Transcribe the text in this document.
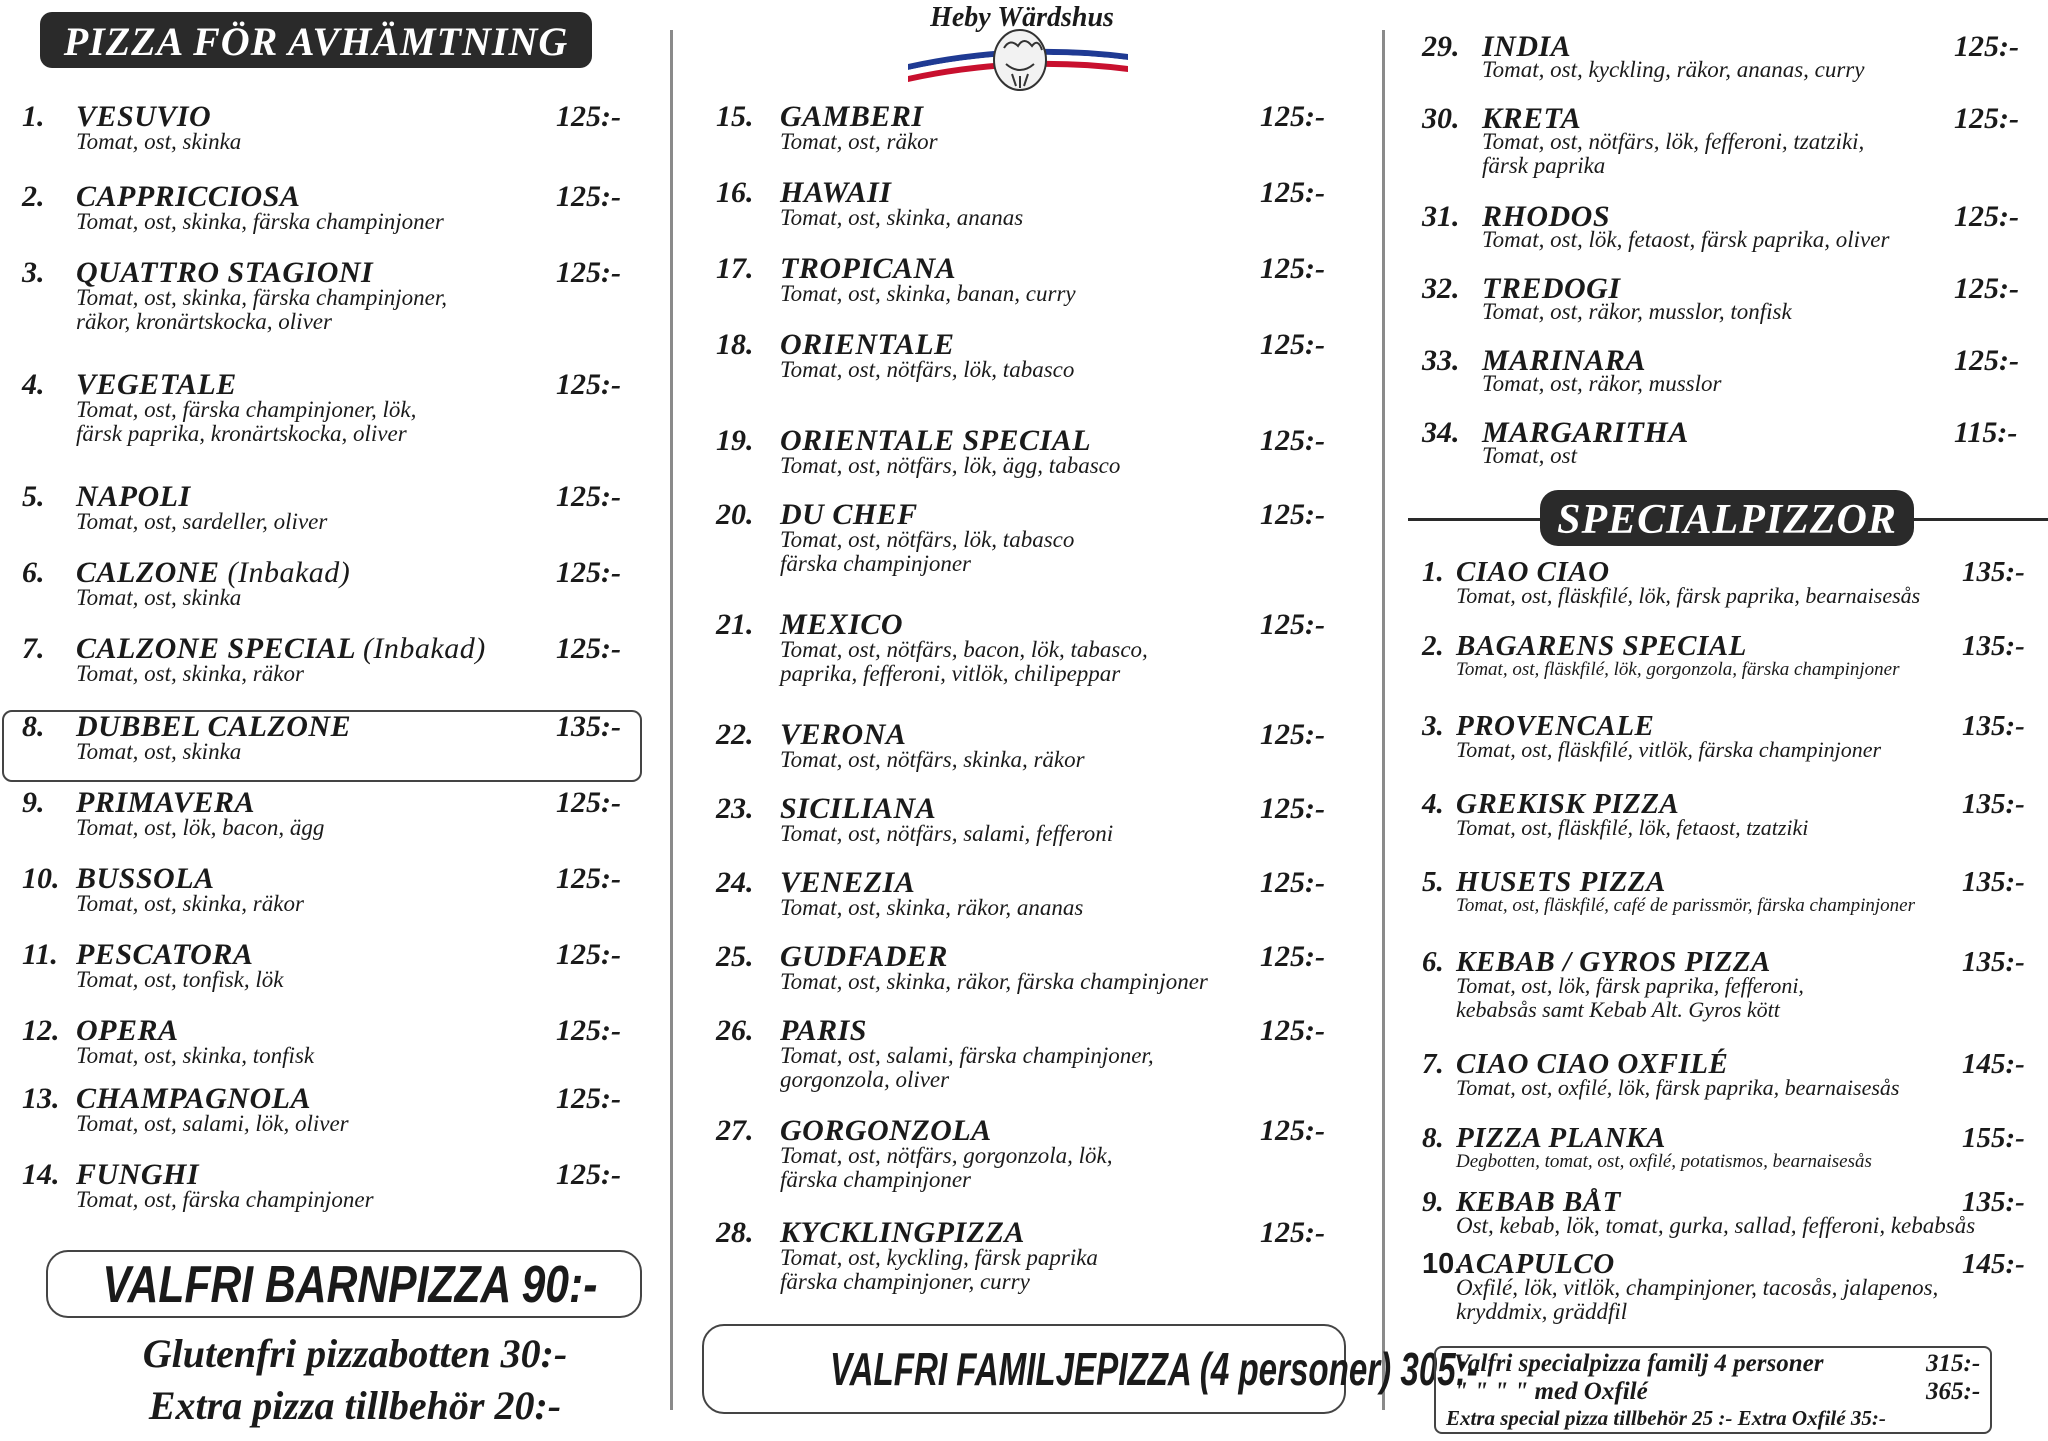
PIZZA FÖR AVHÄMTNING
1. VESUVIO	125:-
Tomat, ost, skinka
2. CAPPRICCIOSA	125:-
Tomat, ost, skinka, färska champinjoner
3. QUATTRO STAGIONI	125:-
Tomat, ost, skinka, färska champinjoner,
räkor, kronärtskocka, oliver
4. VEGETALE	125:-
Tomat, ost, färska champinjoner, lök,
färsk paprika, kronärtskocka, oliver
5. NAPOLI	125:-
Tomat, ost, sardeller, oliver
6. CALZONE (Inbakad)	125:-
Tomat, ost, skinka
7. CALZONE SPECIAL (Inbakad) 125:-
Tomat, ost, skinka, räkor
8. DUBBEL CALZONE	135:-
Tomat, ost, skinka
9. PRIMAVERA	125:-
Tomat, ost, lök, bacon, ägg
10. BUSSOLA	125:-
Tomat, ost, skinka, räkor
11. PESCATORA	125:-
Tomat, ost, tonfisk, lök
12. OPERA	125:-
Tomat, ost, skinka, tonfisk
13. CHAMPAGNOLA	125:-
Tomat, ost, salami, lök, oliver
14. FUNGHI	125:-
Tomat, ost, färska champinjoner
VALFRI BARNPIZZA 90:-
Glutenfri pizzabotten 30:-
Extra pizza tillbehör 20:-
Heby Wärdshus
15. GAMBERI	125:-
Tomat, ost, räkor
16. HAWAII	125:-
Tomat, ost, skinka, ananas
17. TROPICANA	125:-
Tomat, ost, skinka, banan, curry
18. ORIENTALE	125:-
Tomat, ost, nötfärs, lök, tabasco
19. ORIENTALE SPECIAL	125:-
Tomat, ost, nötfärs, lök, ägg, tabasco
20. DU CHEF	125:-
Tomat, ost, nötfärs, lök, tabasco
färska champinjoner
21. MEXICO	125:-
Tomat, ost, nötfärs, bacon, lök, tabasco,
paprika, fefferoni, vitlök, chilipeppar
22. VERONA	125:-
Tomat, ost, nötfärs, skinka, räkor
23. SICILIANA	125:-
Tomat, ost, nötfärs, salami, fefferoni
24. VENEZIA	125:-
Tomat, ost, skinka, räkor, ananas
25. GUDFADER	125:-
Tomat, ost, skinka, räkor, färska champinjoner
26. PARIS	125:-
Tomat, ost, salami, färska champinjoner,
gorgonzola, oliver
27. GORGONZOLA	125:-
Tomat, ost, nötfärs, gorgonzola, lök,
färska champinjoner
28. KYCKLINGPIZZA	125:-
Tomat, ost, kyckling, färsk paprika
färska champinjoner, curry
VALFRI FAMILJEPIZZA (4 personer) 305:-
29. INDIA	125:-
Tomat, ost, kyckling, räkor, ananas, curry
30. KRETA	125:-
Tomat, ost, nötfärs, lök, fefferoni, tzatziki,
färsk paprika
31. RHODOS	125:-
Tomat, ost, lök, fetaost, färsk paprika, oliver
32. TREDOGI	125:-
Tomat, ost, räkor, musslor, tonfisk
33. MARINARA	125:-
Tomat, ost, räkor, musslor
34. MARGARITHA	115:-
Tomat, ost
1. CIAO CIAO	135:-
Tomat, ost, fläskfilé, lök, färsk paprika, bearnaisesås
2. BAGARENS SPECIAL	135:-
Tomat, ost, fläskfilé, lök, gorgonzola, färska champinjoner
3. PROVENCALE	135:-
Tomat, ost, fläskfilé, vitlök, färska champinjoner
4. GREKISK PIZZA	135:-
Tomat, ost, fläskfilé, lök, fetaost, tzatziki
5. HUSETS PIZZA	135:-
Tomat, ost, fläskfilé, café de parissmör, färska champinjoner
6. KEBAB / GYROS PIZZA	135:-
Tomat, ost, lök, färsk paprika, fefferoni,
kebabsås samt Kebab Alt. Gyros kött
7. CIAO CIAO OXFILÉ	145:-
Tomat, ost, oxfilé, lök, färsk paprika, bearnaisesås
8. PIZZA PLANKA	155:-
Degbotten, tomat, ost, oxfilé, potatismos, bearnaisesås
9. KEBAB BÅT	135:-
Ost, kebab, lök, tomat, gurka, sallad, fefferoni, kebabsås
10.
ACAPULCO	145:-
Oxfilé, lök, vitlök, champinjoner, tacosås, jalapenos,
kryddmix, gräddfil
SPECIALPIZZOR
Valfri specialpizza familj 4 personer	315:-
" " " " med Oxfilé	365:-
Extra special pizza tillbehör 25 :- Extra Oxfilé 35:-
